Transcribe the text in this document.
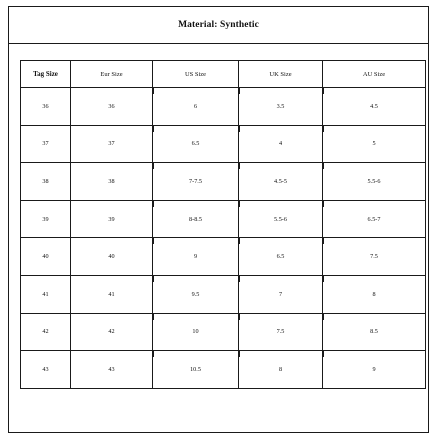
Material: Synthetic
Tag Size	Eur Size	US Size	UK Size	AU Size
36	36	6	3.5	4.5
37	37	6.5	4	5
38	38	7-7.5	4.5-5	5.5-6
39	39	8-8.5	5.5-6	6.5-7
40	40	9	6.5	7.5
41	41	9.5	7	8
42	42	10	7.5	8.5
43	43	10.5	8	9
